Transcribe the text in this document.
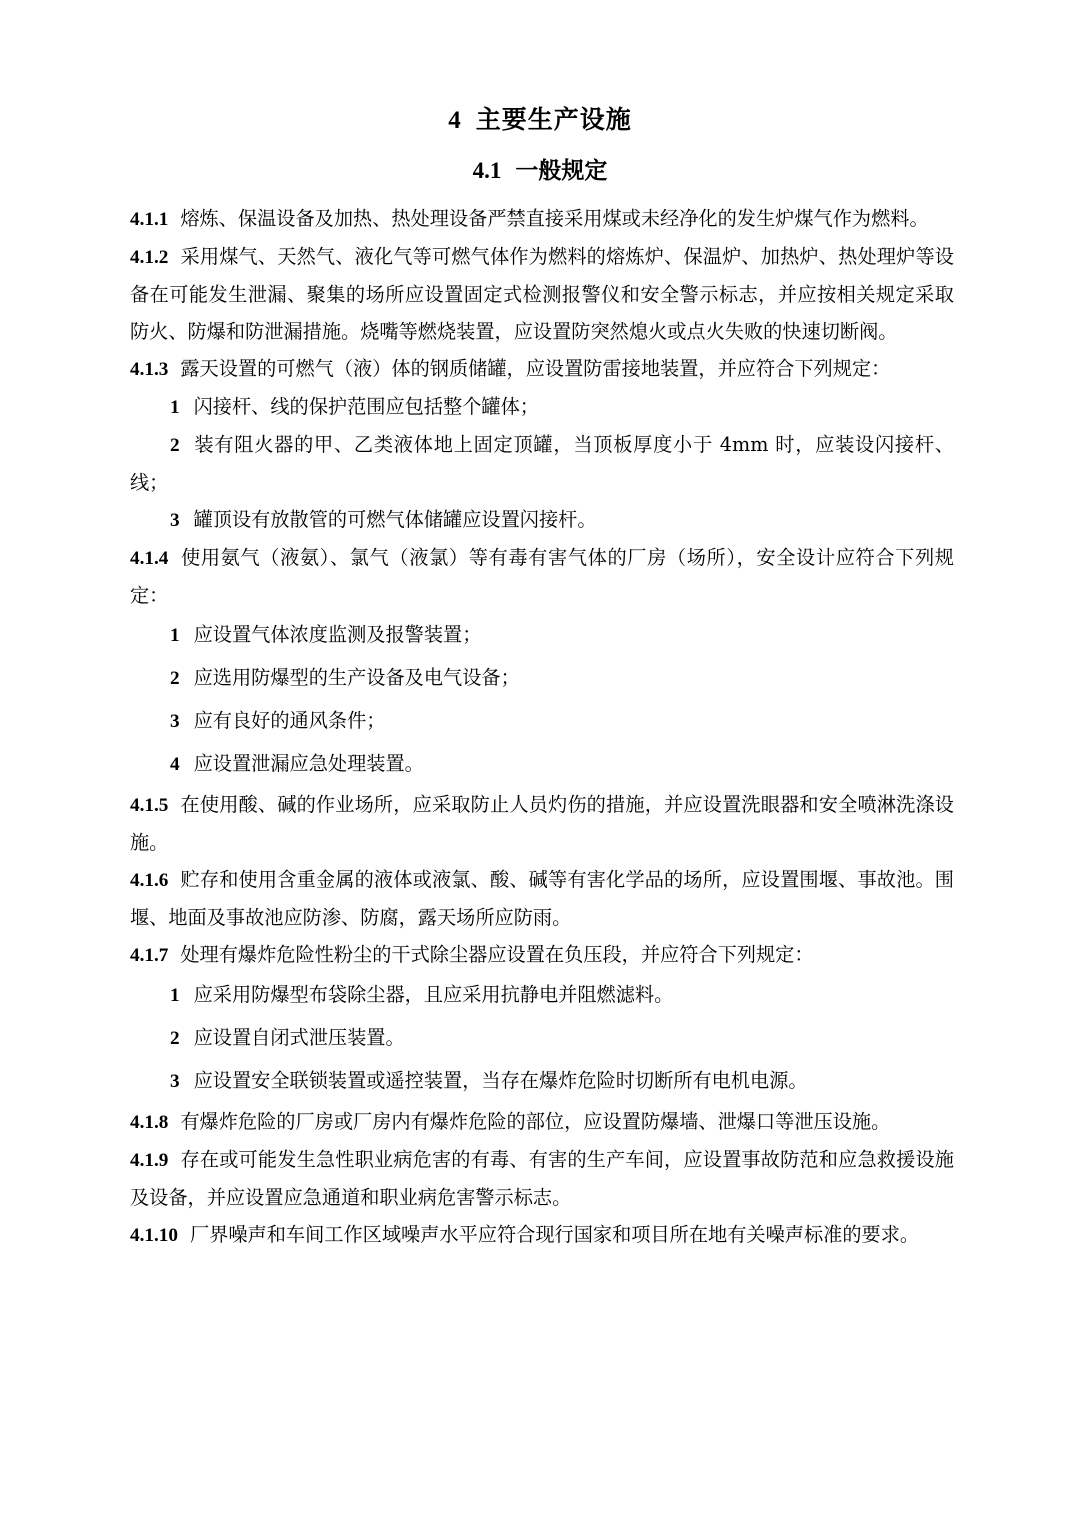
4 主要生产设施
4.1 一般规定

4.1.1 熔炼、保温设备及加热、热处理设备严禁直接采用煤或未经净化的发生炉煤气作为燃料。

4.1.2 采用煤气、天然气、液化气等可燃气体作为燃料的熔炼炉、保温炉、加热炉、热处理炉等设备在可能发生泄漏、聚集的场所应设置固定式检测报警仪和安全警示标志，并应按相关规定采取防火、防爆和防泄漏措施。烧嘴等燃烧装置，应设置防突然熄火或点火失败的快速切断阀。

4.1.3 露天设置的可燃气（液）体的钢质储罐，应设置防雷接地装置，并应符合下列规定：

1 闪接杆、线的保护范围应包括整个罐体；

2 装有阻火器的甲、乙类液体地上固定顶罐，当顶板厚度小于 4mm 时，应装设闪接杆、线；

3 罐顶设有放散管的可燃气体储罐应设置闪接杆。

4.1.4 使用氨气（液氨）、氯气（液氯）等有毒有害气体的厂房（场所），安全设计应符合下列规定：

1 应设置气体浓度监测及报警装置；

2 应选用防爆型的生产设备及电气设备；

3 应有良好的通风条件；

4 应设置泄漏应急处理装置。

4.1.5 在使用酸、碱的作业场所，应采取防止人员灼伤的措施，并应设置洗眼器和安全喷淋洗涤设施。

4.1.6 贮存和使用含重金属的液体或液氯、酸、碱等有害化学品的场所，应设置围堰、事故池。围堰、地面及事故池应防渗、防腐，露天场所应防雨。

4.1.7 处理有爆炸危险性粉尘的干式除尘器应设置在负压段，并应符合下列规定：

1 应采用防爆型布袋除尘器，且应采用抗静电并阻燃滤料。

2 应设置自闭式泄压装置。

3 应设置安全联锁装置或遥控装置，当存在爆炸危险时切断所有电机电源。

4.1.8 有爆炸危险的厂房或厂房内有爆炸危险的部位，应设置防爆墙、泄爆口等泄压设施。

4.1.9 存在或可能发生急性职业病危害的有毒、有害的生产车间，应设置事故防范和应急救援设施及设备，并应设置应急通道和职业病危害警示标志。

4.1.10 厂界噪声和车间工作区域噪声水平应符合现行国家和项目所在地有关噪声标准的要求。
